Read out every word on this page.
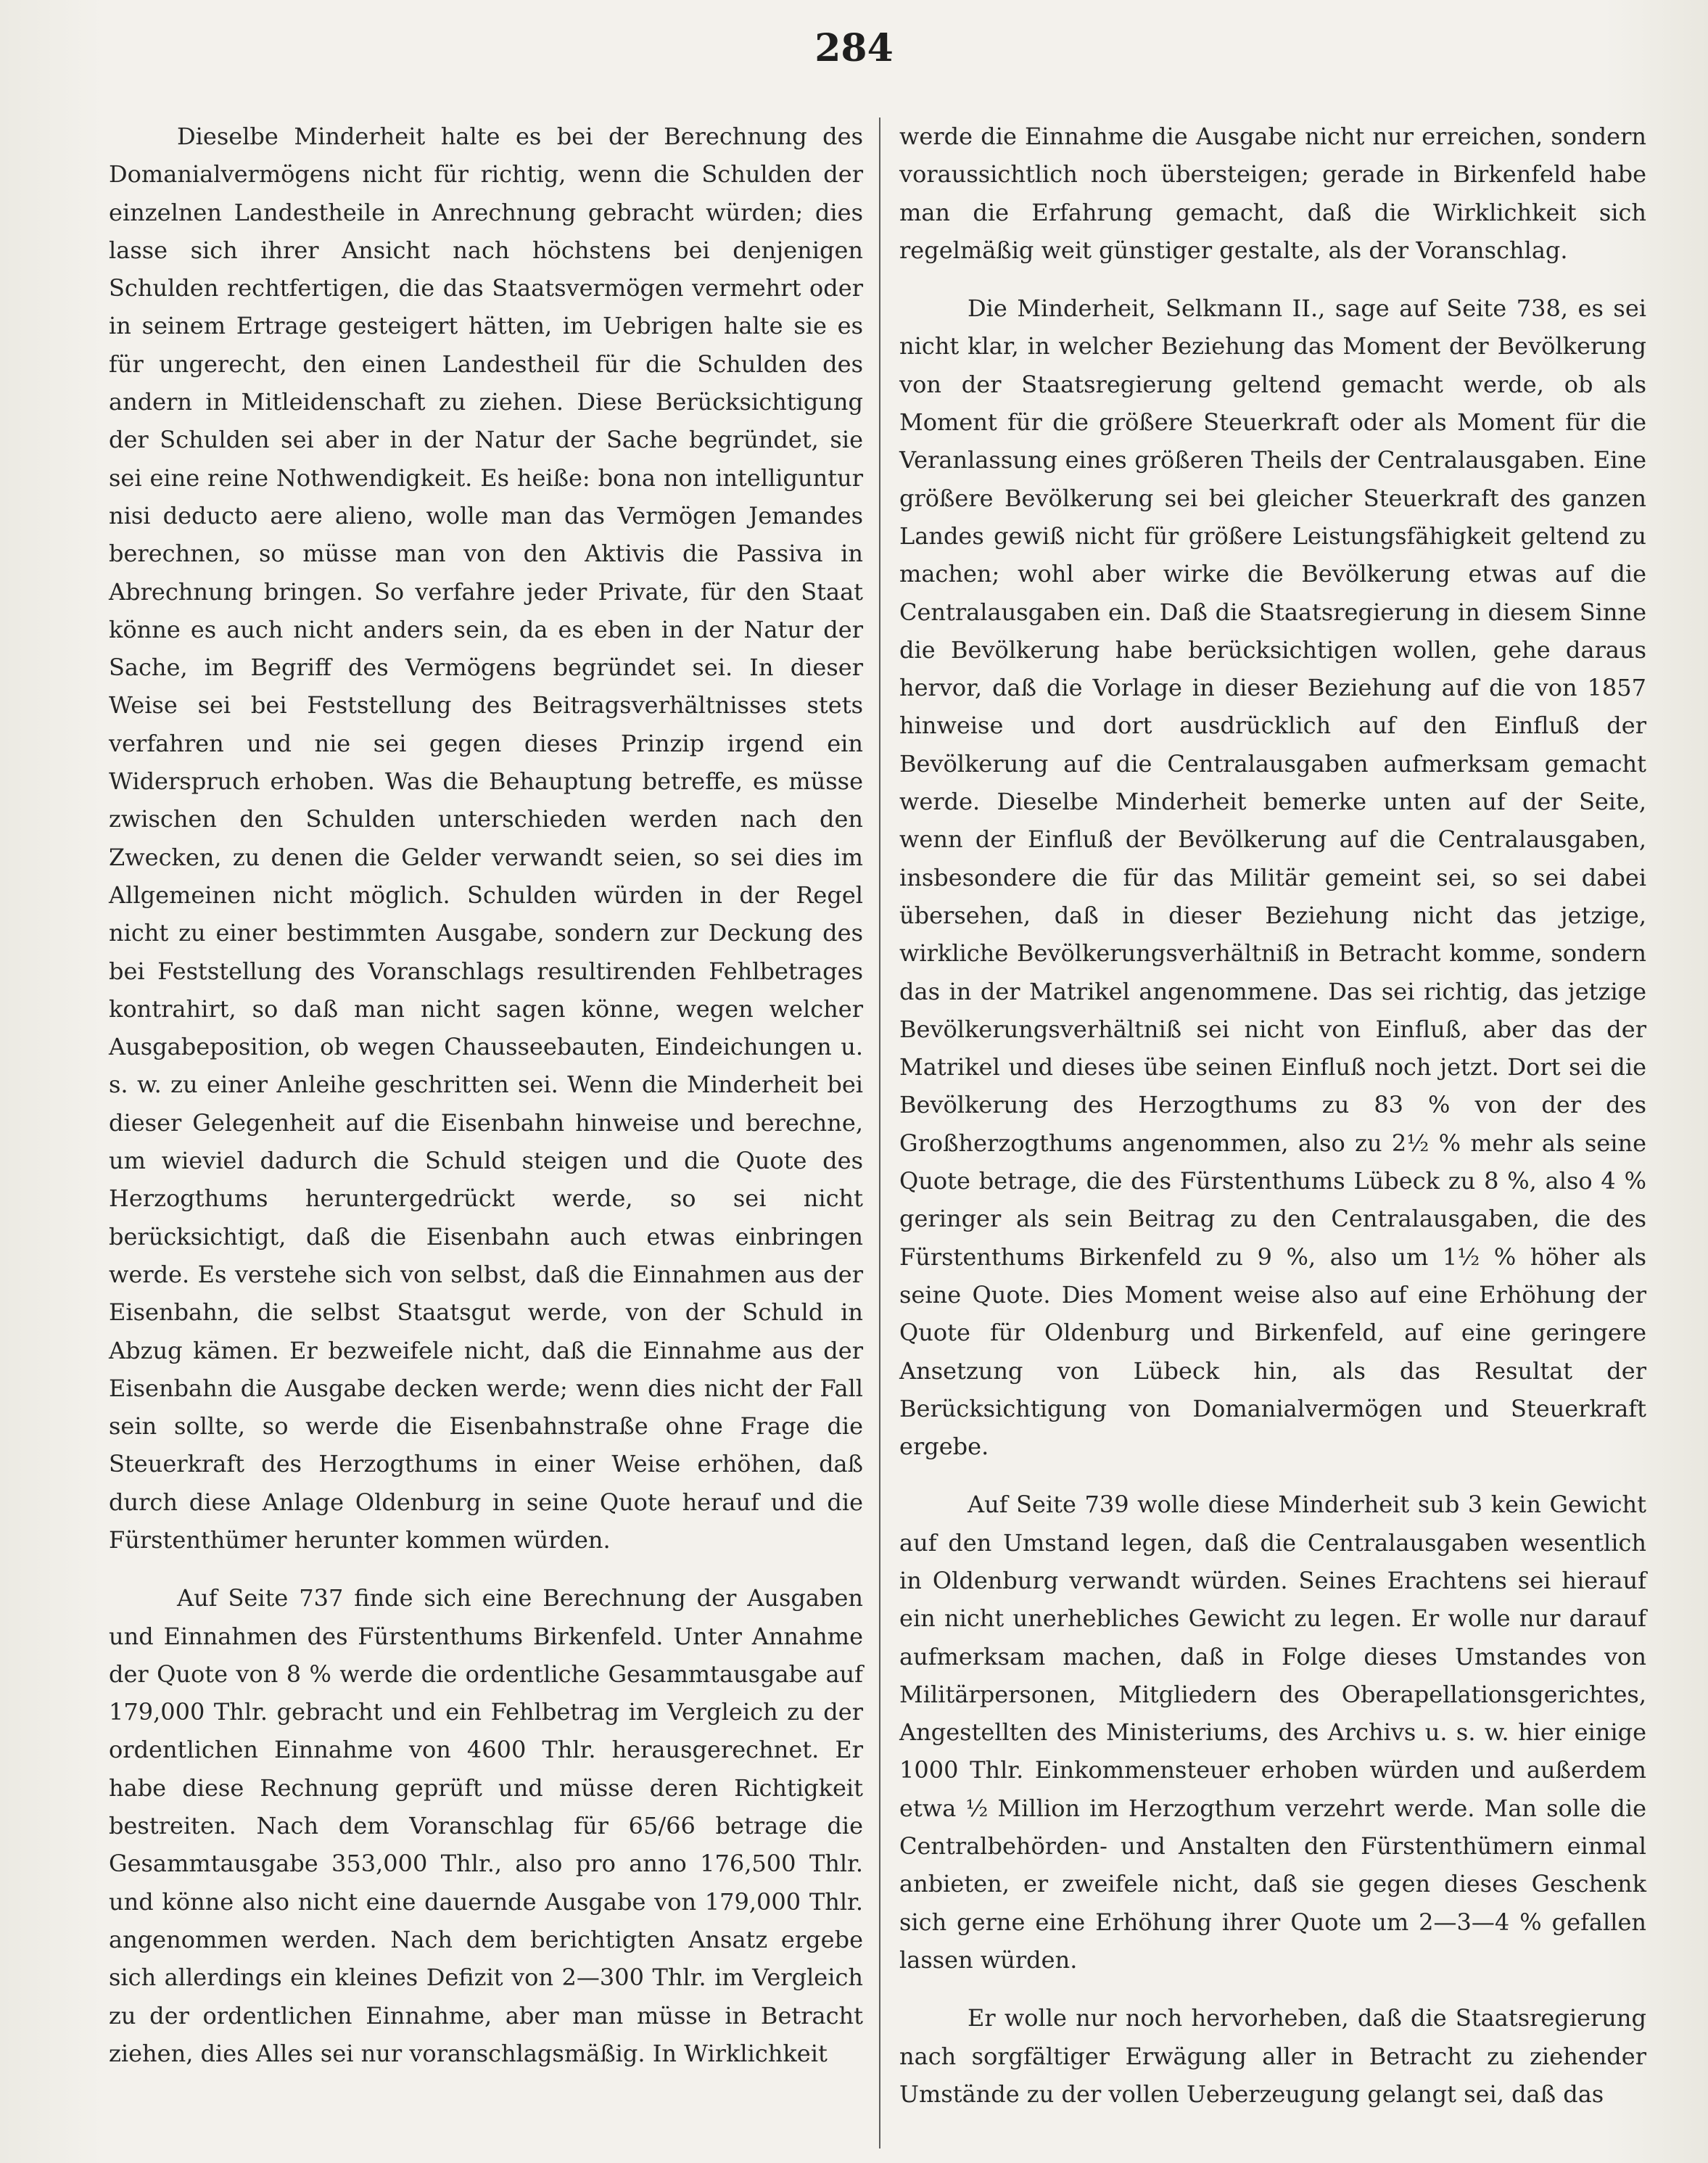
284

Dieselbe Minderheit halte es bei der Berechnung des Domanialvermögens nicht für richtig, wenn die Schulden der einzelnen Landestheile in Anrechnung gebracht würden; dies lasse sich ihrer Ansicht nach höchstens bei denjenigen Schulden rechtfertigen, die das Staatsvermögen vermehrt oder in seinem Ertrage gesteigert hätten, im Uebrigen halte sie es für ungerecht, den einen Landestheil für die Schulden des andern in Mitleidenschaft zu ziehen. Diese Berücksichtigung der Schulden sei aber in der Natur der Sache begründet, sie sei eine reine Nothwendigkeit. Es heiße: bona non intelliguntur nisi deducto aere alieno, wolle man das Vermögen Jemandes berechnen, so müsse man von den Aktivis die Passiva in Abrechnung bringen. So verfahre jeder Private, für den Staat könne es auch nicht anders sein, da es eben in der Natur der Sache, im Begriff des Vermögens begründet sei. In dieser Weise sei bei Feststellung des Beitragsverhältnisses stets verfahren und nie sei gegen dieses Prinzip irgend ein Widerspruch erhoben. Was die Behauptung betreffe, es müsse zwischen den Schulden unterschieden werden nach den Zwecken, zu denen die Gelder verwandt seien, so sei dies im Allgemeinen nicht möglich. Schulden würden in der Regel nicht zu einer bestimmten Ausgabe, sondern zur Deckung des bei Feststellung des Voranschlags resultirenden Fehlbetrages kontrahirt, so daß man nicht sagen könne, wegen welcher Ausgabeposition, ob wegen Chausseebauten, Eindeichungen u. s. w. zu einer Anleihe geschritten sei. Wenn die Minderheit bei dieser Gelegenheit auf die Eisenbahn hinweise und berechne, um wieviel dadurch die Schuld steigen und die Quote des Herzogthums heruntergedrückt werde, so sei nicht berücksichtigt, daß die Eisenbahn auch etwas einbringen werde. Es verstehe sich von selbst, daß die Einnahmen aus der Eisenbahn, die selbst Staatsgut werde, von der Schuld in Abzug kämen. Er bezweifele nicht, daß die Einnahme aus der Eisenbahn die Ausgabe decken werde; wenn dies nicht der Fall sein sollte, so werde die Eisenbahnstraße ohne Frage die Steuerkraft des Herzogthums in einer Weise erhöhen, daß durch diese Anlage Oldenburg in seine Quote herauf und die Fürstenthümer herunter kommen würden.

Auf Seite 737 finde sich eine Berechnung der Ausgaben und Einnahmen des Fürstenthums Birkenfeld. Unter Annahme der Quote von 8 % werde die ordentliche Gesammtausgabe auf 179,000 Thlr. gebracht und ein Fehlbetrag im Vergleich zu der ordentlichen Einnahme von 4600 Thlr. herausgerechnet. Er habe diese Rechnung geprüft und müsse deren Richtigkeit bestreiten. Nach dem Voranschlag für 65/66 betrage die Gesammtausgabe 353,000 Thlr., also pro anno 176,500 Thlr. und könne also nicht eine dauernde Ausgabe von 179,000 Thlr. angenommen werden. Nach dem berichtigten Ansatz ergebe sich allerdings ein kleines Defizit von 2—300 Thlr. im Vergleich zu der ordentlichen Einnahme, aber man müsse in Betracht ziehen, dies Alles sei nur voranschlagsmäßig. In Wirklichkeit

werde die Einnahme die Ausgabe nicht nur erreichen, sondern voraussichtlich noch übersteigen; gerade in Birkenfeld habe man die Erfahrung gemacht, daß die Wirklichkeit sich regelmäßig weit günstiger gestalte, als der Voranschlag.

Die Minderheit, Selkmann II., sage auf Seite 738, es sei nicht klar, in welcher Beziehung das Moment der Bevölkerung von der Staatsregierung geltend gemacht werde, ob als Moment für die größere Steuerkraft oder als Moment für die Veranlassung eines größeren Theils der Centralausgaben. Eine größere Bevölkerung sei bei gleicher Steuerkraft des ganzen Landes gewiß nicht für größere Leistungsfähigkeit geltend zu machen; wohl aber wirke die Bevölkerung etwas auf die Centralausgaben ein. Daß die Staatsregierung in diesem Sinne die Bevölkerung habe berücksichtigen wollen, gehe daraus hervor, daß die Vorlage in dieser Beziehung auf die von 1857 hinweise und dort ausdrücklich auf den Einfluß der Bevölkerung auf die Centralausgaben aufmerksam gemacht werde. Dieselbe Minderheit bemerke unten auf der Seite, wenn der Einfluß der Bevölkerung auf die Centralausgaben, insbesondere die für das Militär gemeint sei, so sei dabei übersehen, daß in dieser Beziehung nicht das jetzige, wirkliche Bevölkerungsverhältniß in Betracht komme, sondern das in der Matrikel angenommene. Das sei richtig, das jetzige Bevölkerungsverhältniß sei nicht von Einfluß, aber das der Matrikel und dieses übe seinen Einfluß noch jetzt. Dort sei die Bevölkerung des Herzogthums zu 83 % von der des Großherzogthums angenommen, also zu 2½ % mehr als seine Quote betrage, die des Fürstenthums Lübeck zu 8 %, also 4 % geringer als sein Beitrag zu den Centralausgaben, die des Fürstenthums Birkenfeld zu 9 %, also um 1½ % höher als seine Quote. Dies Moment weise also auf eine Erhöhung der Quote für Oldenburg und Birkenfeld, auf eine geringere Ansetzung von Lübeck hin, als das Resultat der Berücksichtigung von Domanialvermögen und Steuerkraft ergebe.

Auf Seite 739 wolle diese Minderheit sub 3 kein Gewicht auf den Umstand legen, daß die Centralausgaben wesentlich in Oldenburg verwandt würden. Seines Erachtens sei hierauf ein nicht unerhebliches Gewicht zu legen. Er wolle nur darauf aufmerksam machen, daß in Folge dieses Umstandes von Militärpersonen, Mitgliedern des Oberapellationsgerichtes, Angestellten des Ministeriums, des Archivs u. s. w. hier einige 1000 Thlr. Einkommensteuer erhoben würden und außerdem etwa ½ Million im Herzogthum verzehrt werde. Man solle die Centralbehörden- und Anstalten den Fürstenthümern einmal anbieten, er zweifele nicht, daß sie gegen dieses Geschenk sich gerne eine Erhöhung ihrer Quote um 2—3—4 % gefallen lassen würden.

Er wolle nur noch hervorheben, daß die Staatsregierung nach sorgfältiger Erwägung aller in Betracht zu ziehender Umstände zu der vollen Ueberzeugung gelangt sei, daß das
